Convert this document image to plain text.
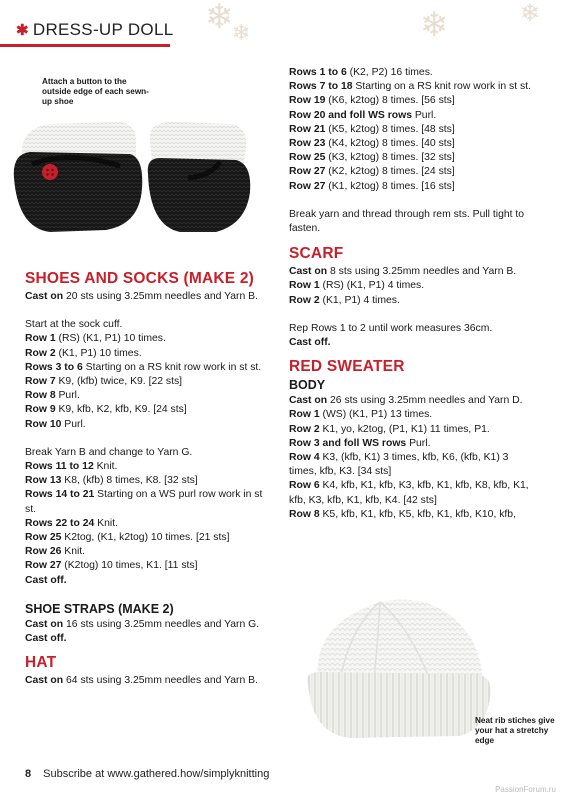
✱ DRESS-UP DOLL ❄
❄	❄	❄
Attach a button to the outside edge of each sewn-up shoe
SHOES AND SOCKS (MAKE 2)

Cast on 20 sts using 3.25mm needles and Yarn B.

Start at the sock cuff.

Row 1 (RS) (K1, P1) 10 times.

Row 2 (K1, P1) 10 times.

Rows 3 to 6 Starting on a RS knit row work in st st.

Row 7 K9, (kfb) twice, K9. [22 sts]

Row 8 Purl.

Row 9 K9, kfb, K2, kfb, K9. [24 sts]

Row 10 Purl.

Break Yarn B and change to Yarn G.

Rows 11 to 12 Knit.

Row 13 K8, (kfb) 8 times, K8. [32 sts]

Rows 14 to 21 Starting on a WS purl row work in st st.

Rows 22 to 24 Knit.

Row 25 K2tog, (K1, k2tog) 10 times. [21 sts]

Row 26 Knit.

Row 27 (K2tog) 10 times, K1. [11 sts]

Cast off.

SHOE STRAPS (MAKE 2)

Cast on 16 sts using 3.25mm needles and Yarn G.

Cast off.

HAT

Cast on 64 sts using 3.25mm needles and Yarn B.

Rows 1 to 6 (K2, P2) 16 times.

Rows 7 to 18 Starting on a RS knit row work in st st.

Row 19 (K6, k2tog) 8 times. [56 sts]

Row 20 and foll WS rows Purl.

Row 21 (K5, k2tog) 8 times. [48 sts]

Row 23 (K4, k2tog) 8 times. [40 sts]

Row 25 (K3, k2tog) 8 times. [32 sts]

Row 27 (K2, k2tog) 8 times. [24 sts]

Row 27 (K1, k2tog) 8 times. [16 sts]

Break yarn and thread through rem sts. Pull tight to fasten.

SCARF

Cast on 8 sts using 3.25mm needles and Yarn B.

Row 1 (RS) (K1, P1) 4 times.

Row 2 (K1, P1) 4 times.

Rep Rows 1 to 2 until work measures 36cm.

Cast off.

RED SWEATER
BODY

Cast on 26 sts using 3.25mm needles and Yarn D.

Row 1 (WS) (K1, P1) 13 times.

Row 2 K1, yo, k2tog, (P1, K1) 11 times, P1.

Row 3 and foll WS rows Purl.

Row 4 K3, (kfb, K1) 3 times, kfb, K6, (kfb, K1) 3 times, kfb, K3. [34 sts]

Row 6 K4, kfb, K1, kfb, K3, kfb, K1, kfb, K8, kfb, K1, kfb, K3, kfb, K1, kfb, K4. [42 sts]

Row 8 K5, kfb, K1, kfb, K5, kfb, K1, kfb, K10, kfb,

Neat rib stiches give your hat a stretchy edge
8 Subscribe at www.gathered.how/simplyknitting
PassionForum.ru
